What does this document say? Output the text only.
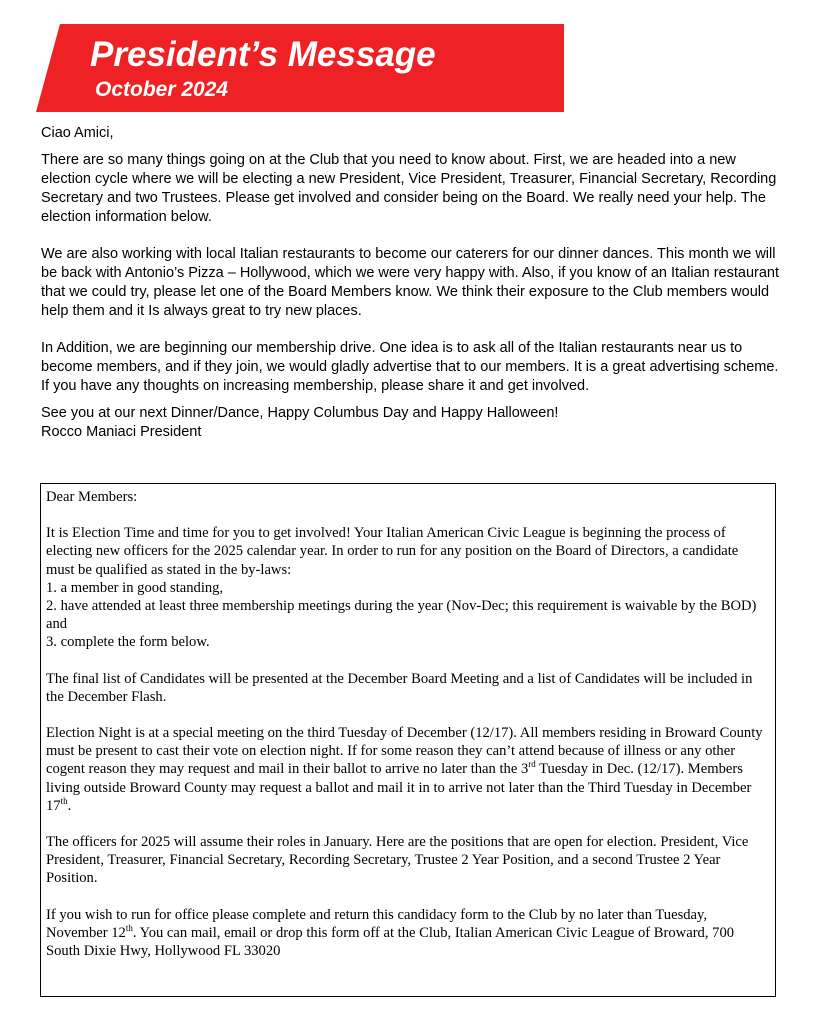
President’s Message
October 2024

Ciao Amici,

There are so many things going on at the Club that you need to know about. First, we are headed into a new election cycle where we will be electing a new President, Vice President, Treasurer, Financial Secretary, Recording Secretary and two Trustees. Please get involved and consider being on the Board. We really need your help. The election information below.

We are also working with local Italian restaurants to become our caterers for our dinner dances. This month we will be back with Antonio’s Pizza – Hollywood, which we were very happy with. Also, if you know of an Italian restaurant that we could try, please let one of the Board Members know. We think their exposure to the Club members would help them and it Is always great to try new places.

In Addition, we are beginning our membership drive. One idea is to ask all of the Italian restaurants near us to become members, and if they join, we would gladly advertise that to our members. It is a great advertising scheme. If you have any thoughts on increasing membership, please share it and get involved.

See you at our next Dinner/Dance, Happy Columbus Day and Happy Halloween!

Rocco Maniaci President

Dear Members:

It is Election Time and time for you to get involved! Your Italian American Civic League is beginning the process of electing new officers for the 2025 calendar year. In order to run for any position on the Board of Directors, a candidate must be qualified as stated in the by-laws:

1. a member in good standing,

2. have attended at least three membership meetings during the year (Nov-Dec; this requirement is waivable by the BOD) and

3. complete the form below.

The final list of Candidates will be presented at the December Board Meeting and a list of Candidates will be included in the December Flash.

Election Night is at a special meeting on the third Tuesday of December (12/17). All members residing in Broward County must be present to cast their vote on election night. If for some reason they can’t attend because of illness or any other cogent reason they may request and mail in their ballot to arrive no later than the 3rd Tuesday in Dec. (12/17). Members living outside Broward County may request a ballot and mail it in to arrive not later than the Third Tuesday in December 17th.

The officers for 2025 will assume their roles in January. Here are the positions that are open for election. President, Vice President, Treasurer, Financial Secretary, Recording Secretary, Trustee 2 Year Position, and a second Trustee 2 Year Position.

If you wish to run for office please complete and return this candidacy form to the Club by no later than Tuesday, November 12th. You can mail, email or drop this form off at the Club, Italian American Civic League of Broward, 700 South Dixie Hwy, Hollywood FL 33020
